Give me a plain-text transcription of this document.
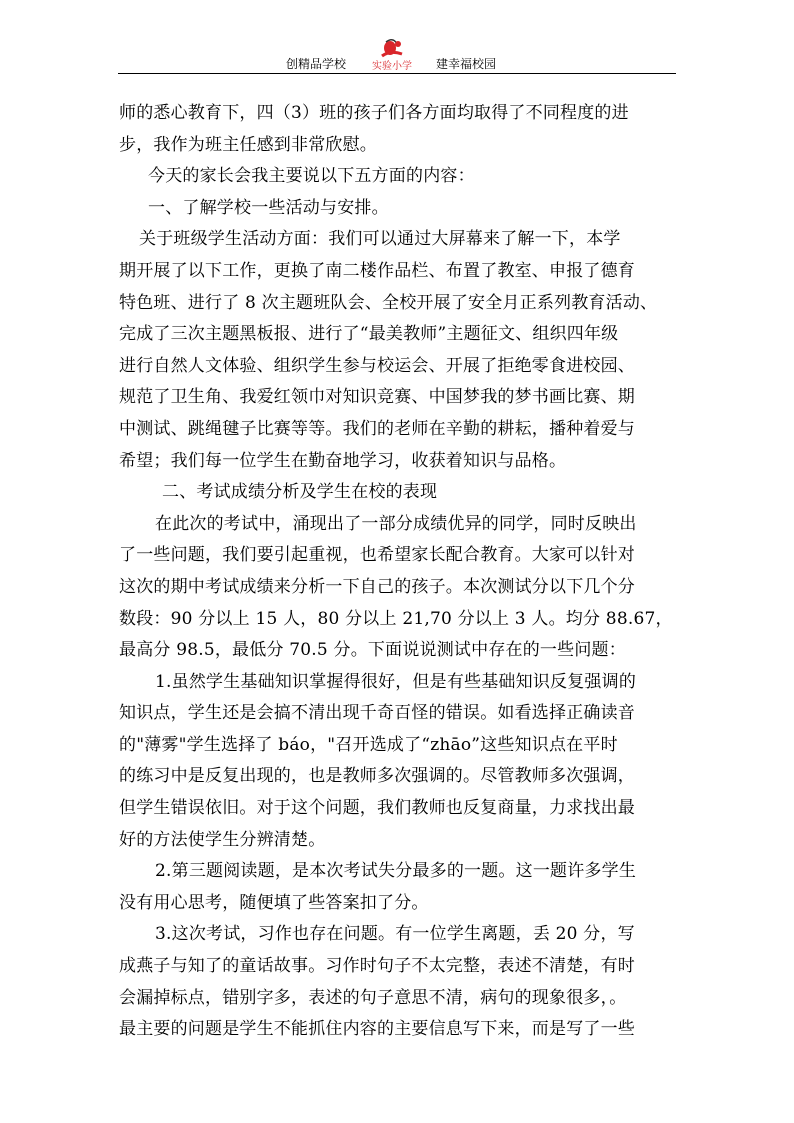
创精品学校	实验小学 建幸福校园

师的悉心教育下，四（3）班的孩子们各方面均取得了不同程度的进

步，我作为班主任感到非常欣慰。

今天的家长会我主要说以下五方面的内容：

一、了解学校一些活动与安排。

关于班级学生活动方面：我们可以通过大屏幕来了解一下，本学

期开展了以下工作，更换了南二楼作品栏、布置了教室、申报了德育

特色班、进行了 8 次主题班队会、全校开展了安全月正系列教育活动、

完成了三次主题黑板报、进行了“最美教师”主题征文、组织四年级

进行自然人文体验、组织学生参与校运会、开展了拒绝零食进校园、

规范了卫生角、我爱红领巾对知识竞赛、中国梦我的梦书画比赛、期

中测试、跳绳毽子比赛等等。我们的老师在辛勤的耕耘，播种着爱与

希望；我们每一位学生在勤奋地学习，收获着知识与品格。

二、考试成绩分析及学生在校的表现

在此次的考试中，涌现出了一部分成绩优异的同学，同时反映出

了一些问题，我们要引起重视，也希望家长配合教育。大家可以针对

这次的期中考试成绩来分析一下自己的孩子。本次测试分以下几个分

数段：90 分以上 15 人，80 分以上 21,70 分以上 3 人。均分 88.67，

最高分 98.5，最低分 70.5 分。下面说说测试中存在的一些问题：

1.虽然学生基础知识掌握得很好，但是有些基础知识反复强调的

知识点，学生还是会搞不清出现千奇百怪的错误。如看选择正确读音

的"薄雾"学生选择了 báo，"召开选成了“zhāo”这些知识点在平时

的练习中是反复出现的，也是教师多次强调的。尽管教师多次强调，

但学生错误依旧。对于这个问题，我们教师也反复商量，力求找出最

好的方法使学生分辨清楚。

2.第三题阅读题，是本次考试失分最多的一题。这一题许多学生

没有用心思考，随便填了些答案扣了分。

3.这次考试，习作也存在问题。有一位学生离题，丢 20 分，写

成燕子与知了的童话故事。习作时句子不太完整，表述不清楚，有时

会漏掉标点，错别字多，表述的句子意思不清，病句的现象很多，。

最主要的问题是学生不能抓住内容的主要信息写下来，而是写了一些
